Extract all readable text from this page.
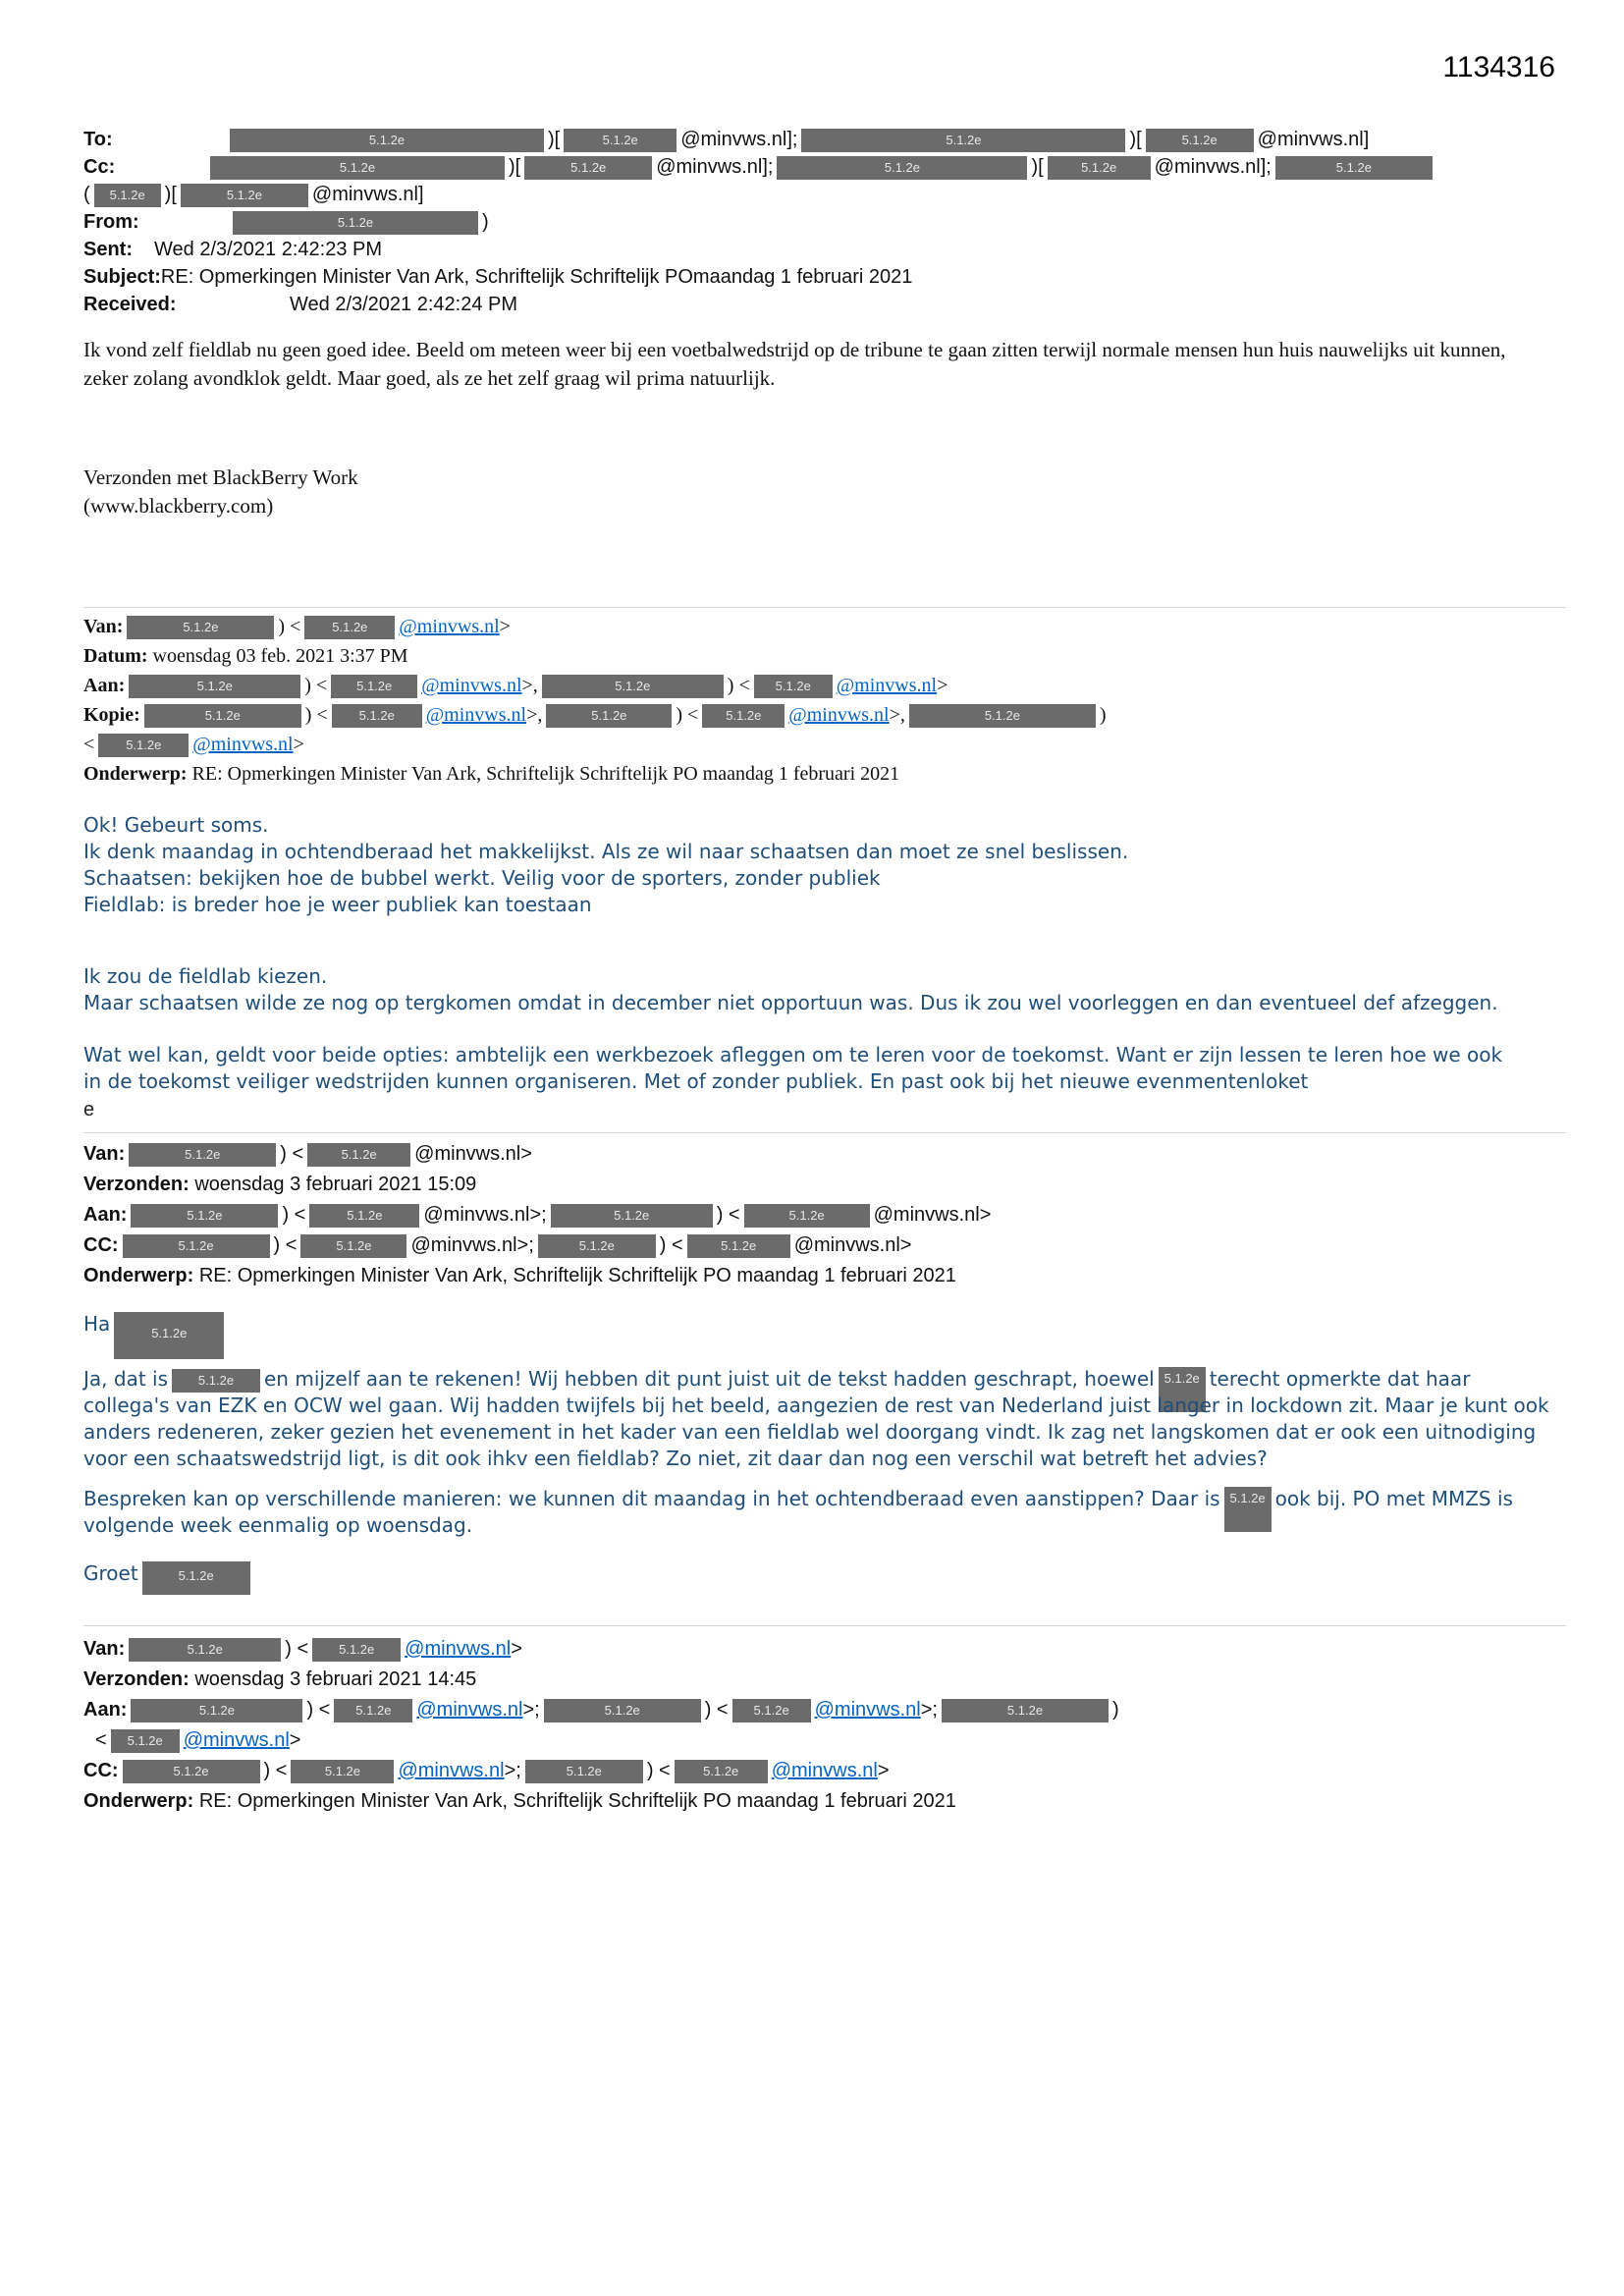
1134316
To:	5.1.2e	)[	5.1.2e @minvws.nl];	5.1.2e	)[	5.1.2e @minvws.nl]
Cc:	5.1.2e	)[	5.1.2e	@minvws.nl];	5.1.2e	)[	5.1.2e @minvws.nl];	5.1.2e
( 5.1.2e )[	5.1.2e	@minvws.nl]
From:	5.1.2e	)
Sent: Wed 2/3/2021 2:42:23 PM
Subject:RE: Opmerkingen Minister Van Ark, Schriftelijk Schriftelijk POmaandag 1 februari 2021
Received:	Wed 2/3/2021 2:42:24 PM

Ik vond zelf fieldlab nu geen goed idee. Beeld om meteen weer bij een voetbalwedstrijd op de tribune te gaan zitten terwijl normale mensen hun huis nauwelijks uit kunnen, zeker zolang avondklok geldt. Maar goed, als ze het zelf graag wil prima natuurlijk.

Verzonden met BlackBerry Work
(www.blackberry.com)
Van:	5.1.2e	) < 5.1.2e @minvws.nl>
Datum: woensdag 03 feb. 2021 3:37 PM
Aan:	5.1.2e	) < 5.1.2e @minvws.nl>,	5.1.2e	) < 5.1.2e @minvws.nl>
Kopie:	5.1.2e	) < 5.1.2e @minvws.nl>,	5.1.2e ) < 5.1.2e @minvws.nl>,	5.1.2e	)
< 5.1.2e @minvws.nl>
Onderwerp: RE: Opmerkingen Minister Van Ark, Schriftelijk Schriftelijk PO maandag 1 februari 2021
Ok! Gebeurt soms.
Ik denk maandag in ochtendberaad het makkelijkst. Als ze wil naar schaatsen dan moet ze snel beslissen.
Schaatsen: bekijken hoe de bubbel werkt. Veilig voor de sporters, zonder publiek
Fieldlab: is breder hoe je weer publiek kan toestaan
Ik zou de fieldlab kiezen.
Maar schaatsen wilde ze nog op tergkomen omdat in december niet opportuun was. Dus ik zou wel voorleggen en dan eventueel def afzeggen.
Wat wel kan, geldt voor beide opties: ambtelijk een werkbezoek afleggen om te leren voor de toekomst. Want er zijn lessen te leren hoe we ook in de toekomst veiliger wedstrijden kunnen organiseren. Met of zonder publiek. En past ook bij het nieuwe evenmentenloket
e
Van:	5.1.2e	) <	5.1.2e @minvws.nl>
Verzonden: woensdag 3 februari 2021 15:09
Aan:	5.1.2e	) <	5.1.2e @minvws.nl>;	5.1.2e	) <	5.1.2e @minvws.nl>
CC:	5.1.2e	) <	5.1.2e @minvws.nl>;	5.1.2e ) <	5.1.2e @minvws.nl>
Onderwerp: RE: Opmerkingen Minister Van Ark, Schriftelijk Schriftelijk PO maandag 1 februari 2021
Ha	5.1.2e
Ja, dat is 5.1.2e en mijzelf aan te rekenen! Wij hebben dit punt juist uit de tekst hadden geschrapt, hoewel 5.1.2e terecht opmerkte dat haar collega's van EZK en OCW wel gaan. Wij hadden twijfels bij het beeld, aangezien de rest van Nederland juist langer in lockdown zit. Maar je kunt ook anders redeneren, zeker gezien het evenement in het kader van een fieldlab wel doorgang vindt. Ik zag net langskomen dat er ook een uitnodiging voor een schaatswedstrijd ligt, is dit ook ihkv een fieldlab? Zo niet, zit daar dan nog een verschil wat betreft het advies?
Bespreken kan op verschillende manieren: we kunnen dit maandag in het ochtendberaad even aanstippen? Daar is 5.1.2e ook bij. PO met MMZS is volgende week eenmalig op woensdag.
Groet	5.1.2e
Van:	5.1.2e	) < 5.1.2e @minvws.nl>
Verzonden: woensdag 3 februari 2021 14:45
Aan:	5.1.2e	) < 5.1.2e @minvws.nl>;	5.1.2e	) < 5.1.2e @minvws.nl>;	5.1.2e	)
< 5.1.2e @minvws.nl>
CC:	5.1.2e	) <	5.1.2e @minvws.nl>;	5.1.2e ) <	5.1.2e @minvws.nl>
Onderwerp: RE: Opmerkingen Minister Van Ark, Schriftelijk Schriftelijk PO maandag 1 februari 2021
